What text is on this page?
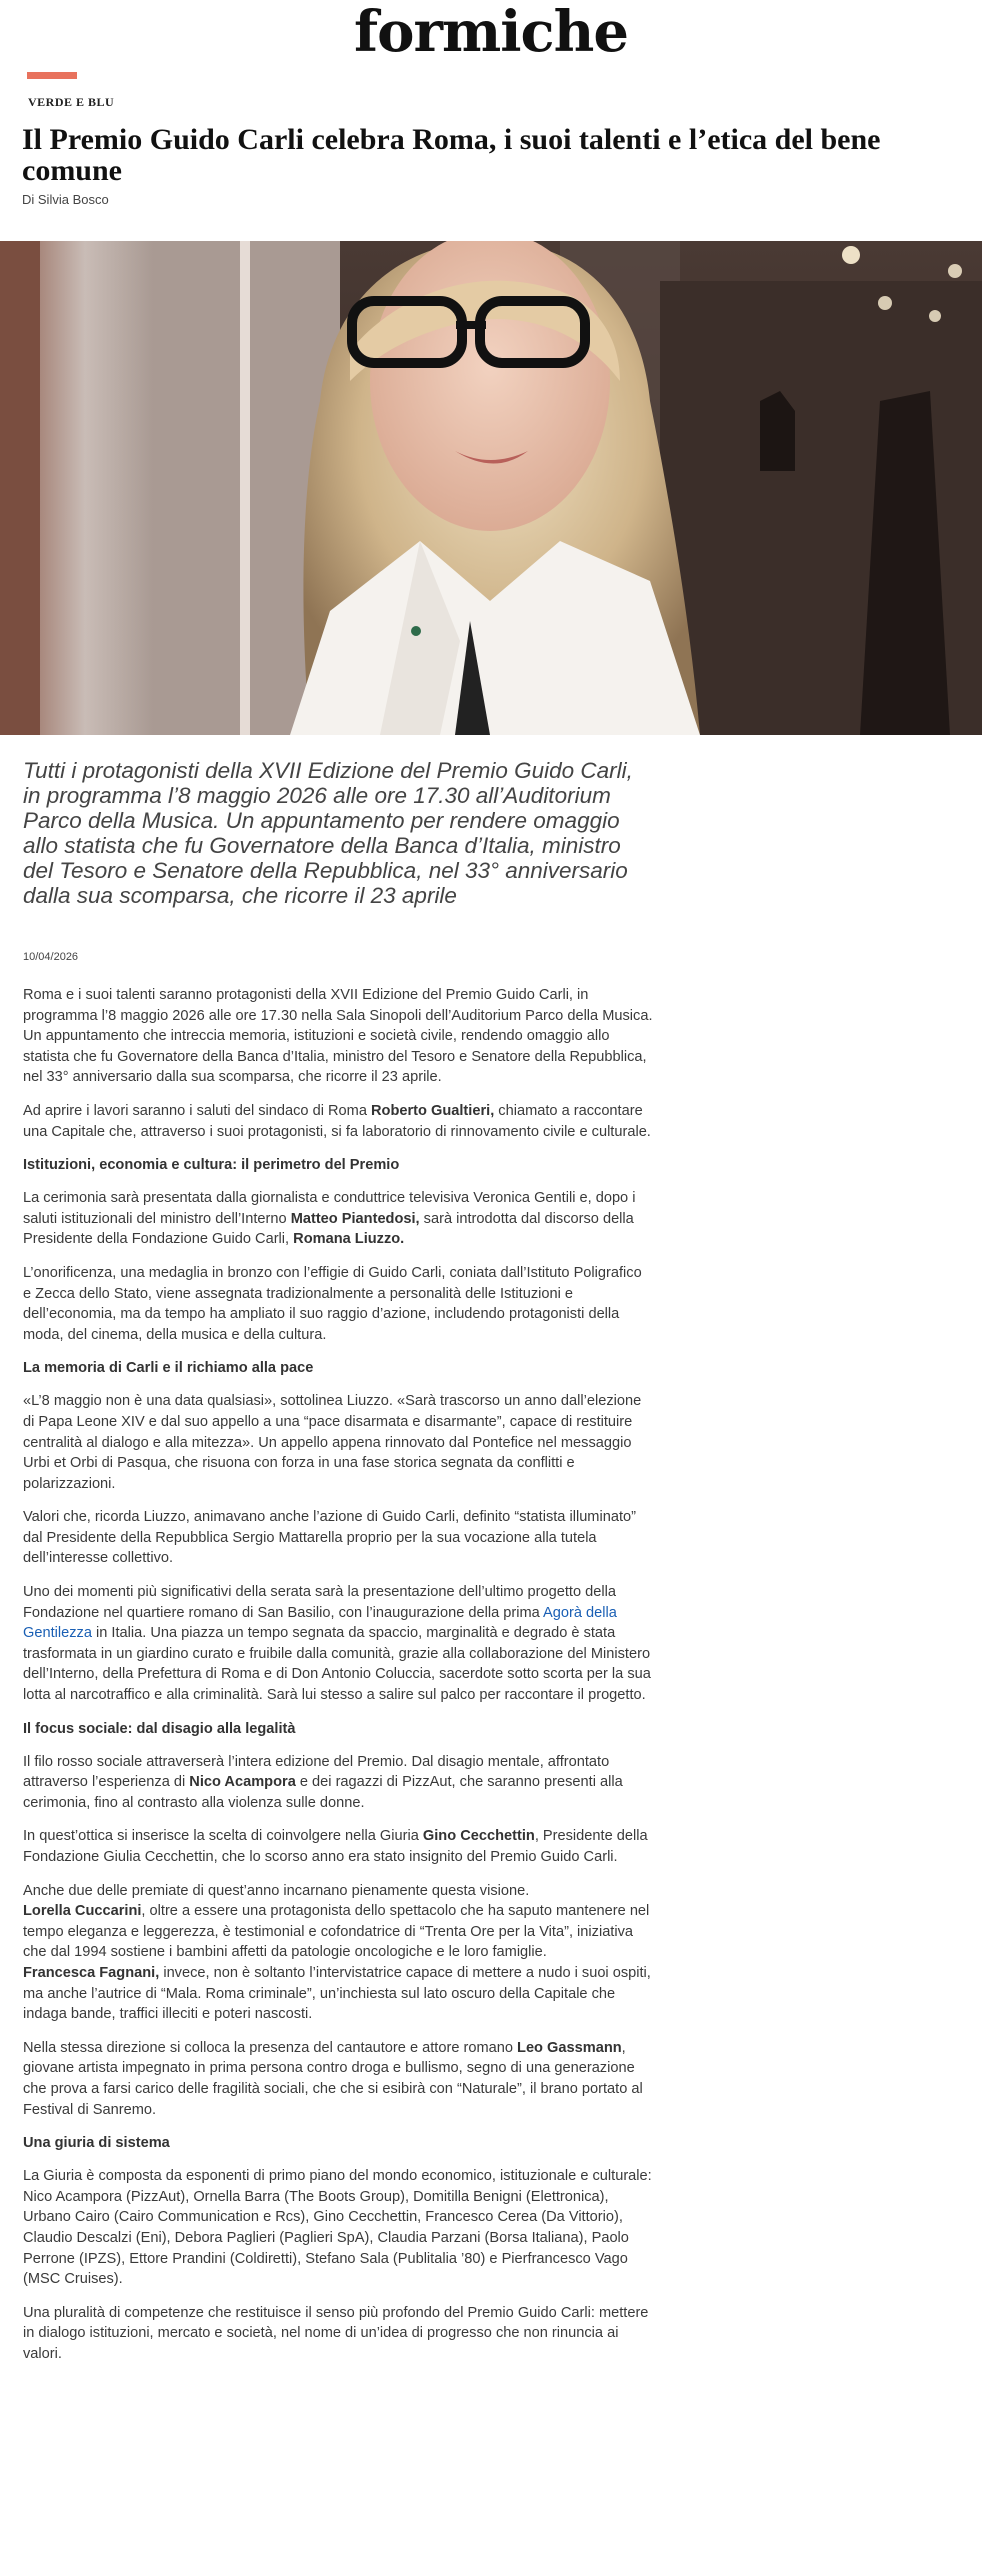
formiche
VERDE E BLU
Il Premio Guido Carli celebra Roma, i suoi talenti e l’etica del bene comune
Di Silvia Bosco

Tutti i protagonisti della XVII Edizione del Premio Guido Carli, in programma l’8 maggio 2026 alle ore 17.30 all’Auditorium Parco della Musica. Un appuntamento per rendere omaggio allo statista che fu Governatore della Banca d’Italia, ministro del Tesoro e Senatore della Repubblica, nel 33° anniversario dalla sua scomparsa, che ricorre il 23 aprile

10/04/2026

Roma e i suoi talenti saranno protagonisti della XVII Edizione del Premio Guido Carli, in programma l’8 maggio 2026 alle ore 17.30 nella Sala Sinopoli dell’Auditorium Parco della Musica. Un appuntamento che intreccia memoria, istituzioni e società civile, rendendo omaggio allo statista che fu Governatore della Banca d’Italia, ministro del Tesoro e Senatore della Repubblica, nel 33° anniversario dalla sua scomparsa, che ricorre il 23 aprile.

Ad aprire i lavori saranno i saluti del sindaco di Roma Roberto Gualtieri, chiamato a raccontare una Capitale che, attraverso i suoi protagonisti, si fa laboratorio di rinnovamento civile e culturale.

Istituzioni, economia e cultura: il perimetro del Premio

La cerimonia sarà presentata dalla giornalista e conduttrice televisiva Veronica Gentili e, dopo i saluti istituzionali del ministro dell’Interno Matteo Piantedosi, sarà introdotta dal discorso della Presidente della Fondazione Guido Carli, Romana Liuzzo.

L’onorificenza, una medaglia in bronzo con l’effigie di Guido Carli, coniata dall’Istituto Poligrafico e Zecca dello Stato, viene assegnata tradizionalmente a personalità delle Istituzioni e dell’economia, ma da tempo ha ampliato il suo raggio d’azione, includendo protagonisti della moda, del cinema, della musica e della cultura.

La memoria di Carli e il richiamo alla pace

«L’8 maggio non è una data qualsiasi», sottolinea Liuzzo. «Sarà trascorso un anno dall’elezione di Papa Leone XIV e dal suo appello a una “pace disarmata e disarmante”, capace di restituire centralità al dialogo e alla mitezza». Un appello appena rinnovato dal Pontefice nel messaggio Urbi et Orbi di Pasqua, che risuona con forza in una fase storica segnata da conflitti e polarizzazioni.

Valori che, ricorda Liuzzo, animavano anche l’azione di Guido Carli, definito “statista illuminato” dal Presidente della Repubblica Sergio Mattarella proprio per la sua vocazione alla tutela dell’interesse collettivo.

Uno dei momenti più significativi della serata sarà la presentazione dell’ultimo progetto della Fondazione nel quartiere romano di San Basilio, con l’inaugurazione della prima Agorà della Gentilezza in Italia. Una piazza un tempo segnata da spaccio, marginalità e degrado è stata trasformata in un giardino curato e fruibile dalla comunità, grazie alla collaborazione del Ministero dell’Interno, della Prefettura di Roma e di Don Antonio Coluccia, sacerdote sotto scorta per la sua lotta al narcotraffico e alla criminalità. Sarà lui stesso a salire sul palco per raccontare il progetto.

Il focus sociale: dal disagio alla legalità

Il filo rosso sociale attraverserà l’intera edizione del Premio. Dal disagio mentale, affrontato attraverso l’esperienza di Nico Acampora e dei ragazzi di PizzAut, che saranno presenti alla cerimonia, fino al contrasto alla violenza sulle donne.

In quest’ottica si inserisce la scelta di coinvolgere nella Giuria Gino Cecchettin, Presidente della Fondazione Giulia Cecchettin, che lo scorso anno era stato insignito del Premio Guido Carli.

Anche due delle premiate di quest’anno incarnano pienamente questa visione.
Lorella Cuccarini, oltre a essere una protagonista dello spettacolo che ha saputo mantenere nel tempo eleganza e leggerezza, è testimonial e cofondatrice di “Trenta Ore per la Vita”, iniziativa che dal 1994 sostiene i bambini affetti da patologie oncologiche e le loro famiglie.
Francesca Fagnani, invece, non è soltanto l’intervistatrice capace di mettere a nudo i suoi ospiti, ma anche l’autrice di “Mala. Roma criminale”, un’inchiesta sul lato oscuro della Capitale che indaga bande, traffici illeciti e poteri nascosti.

Nella stessa direzione si colloca la presenza del cantautore e attore romano Leo Gassmann, giovane artista impegnato in prima persona contro droga e bullismo, segno di una generazione che prova a farsi carico delle fragilità sociali, che che si esibirà con “Naturale”, il brano portato al Festival di Sanremo.

Una giuria di sistema

La Giuria è composta da esponenti di primo piano del mondo economico, istituzionale e culturale: Nico Acampora (PizzAut), Ornella Barra (The Boots Group), Domitilla Benigni (Elettronica), Urbano Cairo (Cairo Communication e Rcs), Gino Cecchettin, Francesco Cerea (Da Vittorio), Claudio Descalzi (Eni), Debora Paglieri (Paglieri SpA), Claudia Parzani (Borsa Italiana), Paolo Perrone (IPZS), Ettore Prandini (Coldiretti), Stefano Sala (Publitalia ’80) e Pierfrancesco Vago (MSC Cruises).

Una pluralità di competenze che restituisce il senso più profondo del Premio Guido Carli: mettere in dialogo istituzioni, mercato e società, nel nome di un’idea di progresso che non rinuncia ai valori.
